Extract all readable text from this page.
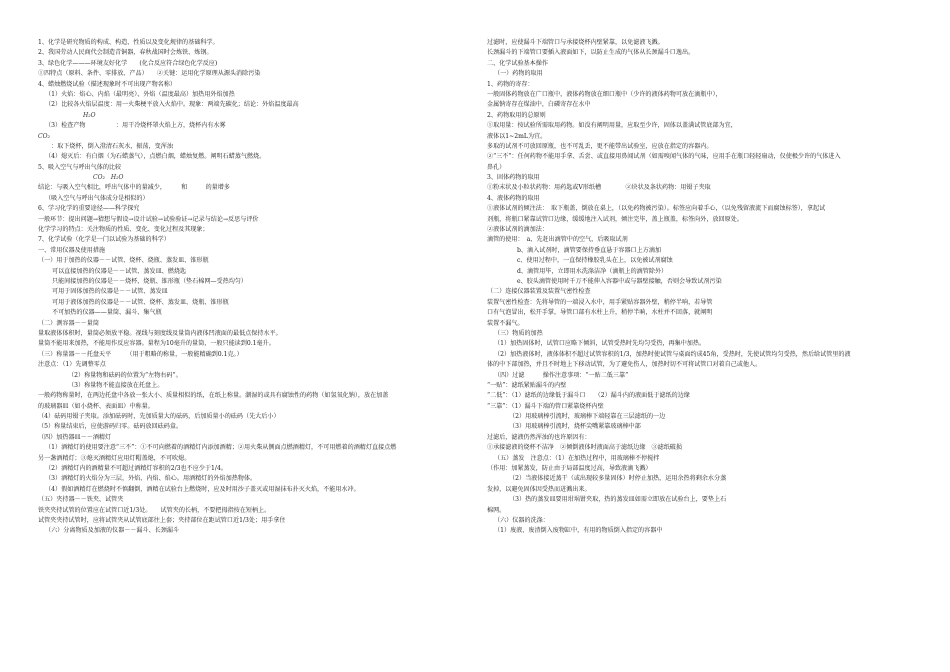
1、化学是研究物质的构成、构造、性质以及变化规律的基础科学。
2、我国劳动人民商代会制造青铜器，春秋战国时会炼铁、炼钢。
3、绿色化学———环境友好化学　　(化合反应符合绿色化学反应)
①四特点（原料、条件、零排放、产品）　　②关键：运用化学原理从源头消除污染
4、蜡烛燃烧试验（描述现象时不可出现产物名称）
（1）火焰：焰心、内焰（最明亮）、外焰（温度最高）加热用外焰加热
（2）比较各火焰层温度：用一火柴梗平放入火焰中。现象：两端先碳化；结论：外焰温度最高
H₂O
（3）检查产物　　　　　：用干冷烧杯罩火焰上方，烧杯内有水雾
CO₂
　：取下烧杯，倒入澄清石灰水，振荡，变浑浊
（4）熄灭后：有白烟（为石蜡蒸气），点燃白烟，蜡烛复燃。阐明石蜡蒸气燃烧。
5、吸入空气与呼出气体的比较
CO₂　H₂O
结论：与吸入空气相比，呼出气体中的量减少，　　　和　　　的量增多
（吸入空气与呼出气体成分是相似的）
6、学习化学的重要途径——科学探究
一般环节：提出问题→猜想与假设→设计试验→试验验证→记录与结论→反思与评价
化学学习的特点：关注物质的性质、变化、变化过程及其现象；
7、化学试验（化学是一门以试验为基础的科学）
一、常用仪器及使用措施
（一）用于加热的仪器－－试管、烧杯、烧瓶、蒸发皿、锥形瓶
可以直接加热的仪器是－－试管、蒸发皿、燃烧匙
只能间接加热的仪器是－－烧杯、烧瓶、锥形瓶（垫石棉网—受热均匀）
可用于固体加热的仪器是－－试管、蒸发皿
可用于液体加热的仪器是－－试管、烧杯、蒸发皿、烧瓶、锥形瓶
不可加热的仪器——量筒、漏斗、集气瓶
（二）测容器－－量筒
量取液体体积时，量筒必须放平稳。视线与刻度线及量筒内液体凹液面的最低点保持水平。
量筒不能用来加热，不能用作反应容器。量程为10毫升的量筒，一般只能读到0.1毫升。
（三）称量器－－托盘天平　　　（用于粗略的称量，一般能精确到0.1克。）
注意点：（1）先调整零点
（2）称量物和砝码的位置为“左物右码”。
（3）称量物不能直接放在托盘上。
一般药物称量时，在两边托盘中各放一张大小、质量相似的纸，在纸上称量。潮湿的或具有腐蚀性的药物（如氢氧化钠），放在加盖
的玻璃器皿（如小烧杯、表面皿）中称量。
（4）砝码用镊子夹取。添加砝码时，先加质量大的砝码，后加质量小的砝码（先大后小）
（5）称量结束后，应使游码归零。砝码放回砝码盒。
（四）加热器皿－－酒精灯
（1）酒精灯的使用要注意“三不”：①不可向燃着的酒精灯内添加酒精；②用火柴从侧面点燃酒精灯，不可用燃着的酒精灯直接点燃
另一盏酒精灯；③熄灭酒精灯应用灯帽盖熄，不可吹熄。
（2）酒精灯内的酒精量不可超过酒精灯容积的2/3也不应少于1/4。
（3）酒精灯的火焰分为三层，外焰、内焰、焰心。用酒精灯的外焰加热物体。
（4）假如酒精灯在燃烧时不慎翻倒，酒精在试验台上燃烧时，应及时用沙子盖灭或用湿抹布扑灭火焰，不能用水冲。
（五）夹持器－－铁夹、试管夹
铁夹夹持试管的位置应在试管口近1/3处。　　试管夹的长柄，不要把拇指按在短柄上。
试管夹夹持试管时，应将试管夹从试管底部往上套；夹持部位在距试管口近1/3处；用手拿住
（六）分离物质及加液的仪器－－漏斗、长颈漏斗
过滤时，应使漏斗下端管口与承接烧杯内壁紧靠，以免滤液飞溅。
长颈漏斗的下端管口要插入液面如下，以防止生成的气体从长颈漏斗口逸出。
二、化学试验基本操作
（一）药物的取用
1、药物的寄存：
一般固体药物放在广口瓶中，液体药物放在细口瓶中（少许的液体药物可放在滴瓶中），
金属钠寄存在煤油中，白磷寄存在水中
2、药物取用的总原则
①取用量：按试验所需取用药物。如没有阐明用量，应取至少许，固体以盖满试管底部为宜，
液体以1~2mL为宜。
多取的试剂不可放回原瓶，也不可乱丢，更不能带出试验室，应放在指定的容器内。
②“三不”：任何药物不能用手拿、舌尝、或直接用鼻闻试剂（如需嗅闻气体的气味，应用手在瓶口轻轻扇动，仅使极少许的气体进入
鼻孔）
3、固体药物的取用
①粉末状及小粒状药物：用药匙或V形纸槽　　　　②块状及条状药物：用镊子夹取
4、液体药物的取用
①液体试剂的倾注法：　取下瓶盖，倒放在桌上，（以免药物被污染）。标签应向着手心，（以免残留液流下而腐蚀标签），拿起试
剂瓶，将瓶口紧靠试管口边缘，缓缓地注入试剂，倾注完毕，盖上瓶盖，标签向外，放回原处。
②液体试剂的滴加法：
滴管的使用：　a、先赶出滴管中的空气，后吸取试剂
b、滴入试剂时，滴管要保持垂直悬于容器口上方滴加
c、使用过程中，一直保持橡胶乳头在上，以免被试剂腐蚀
d、滴管用毕，立即用水洗涤洁净（滴瓶上的滴管除外）
e、胶头滴管使用时千万不能伸入容器中或与器壁接触，否则会导致试剂污染
（二）连接仪器装置及装置气密性检查
装置气密性检查：先将导管的一端浸入水中，用手紧贴容器外壁，稍停半响，若导管
口有气泡冒出，松开手掌，导管口部有水柱上升，稍停半晌，水柱并不回落，就阐明
装置不漏气。
（三）物质的加热
（1）加热固体时，试管口应略下倾斜，试管受热时先均匀受热，再集中加热。
（2）加热液体时，液体体积不超过试管容积的1/3，加热时使试管与桌面约成45角，受热时，先使试管均匀受热，然后给试管里的液
体的中下部加热，并且不时地上下移动试管，为了避免伤人，加热时切不可将试管口对着自己或他人。
（四）过滤　　　操作注意事项：“一贴二低三靠”
“一贴”：滤纸紧贴漏斗的内壁
“二低”：（1）滤纸的边缘低于漏斗口　　（2）漏斗内的液面低于滤纸的边缘
“三靠”：（1）漏斗下端的管口紧靠烧杯内壁
（2）用玻璃棒引流时，玻璃棒下端轻靠在三层滤纸的一边
（3）用玻璃棒引流时，烧杯尖嘴紧靠玻璃棒中部
过滤后，滤液仍然浑浊的也许原因有：
①承接滤液的烧杯不洁净　②倾倒液体时液面高于滤纸边缘　③滤纸破损
（五）蒸发　注意点：（1）在加热过程中，用玻璃棒不停搅拌
（作用：加紧蒸发，防止由于局部温度过高，导致液滴飞溅）
（2）当液体接近蒸干（或出现较多量固体）时停止加热，运用余热将剩余水分蒸
发掉，以避免固体因受热而迸溅出来。
（3）热的蒸发皿要用坩埚钳夹取，热的蒸发皿如需立即放在试验台上，要垫上石
棉网。
（六）仪器的洗涤：
（1）废液、废渣倒入废物缸中，有用的物质倒入指定的容器中
